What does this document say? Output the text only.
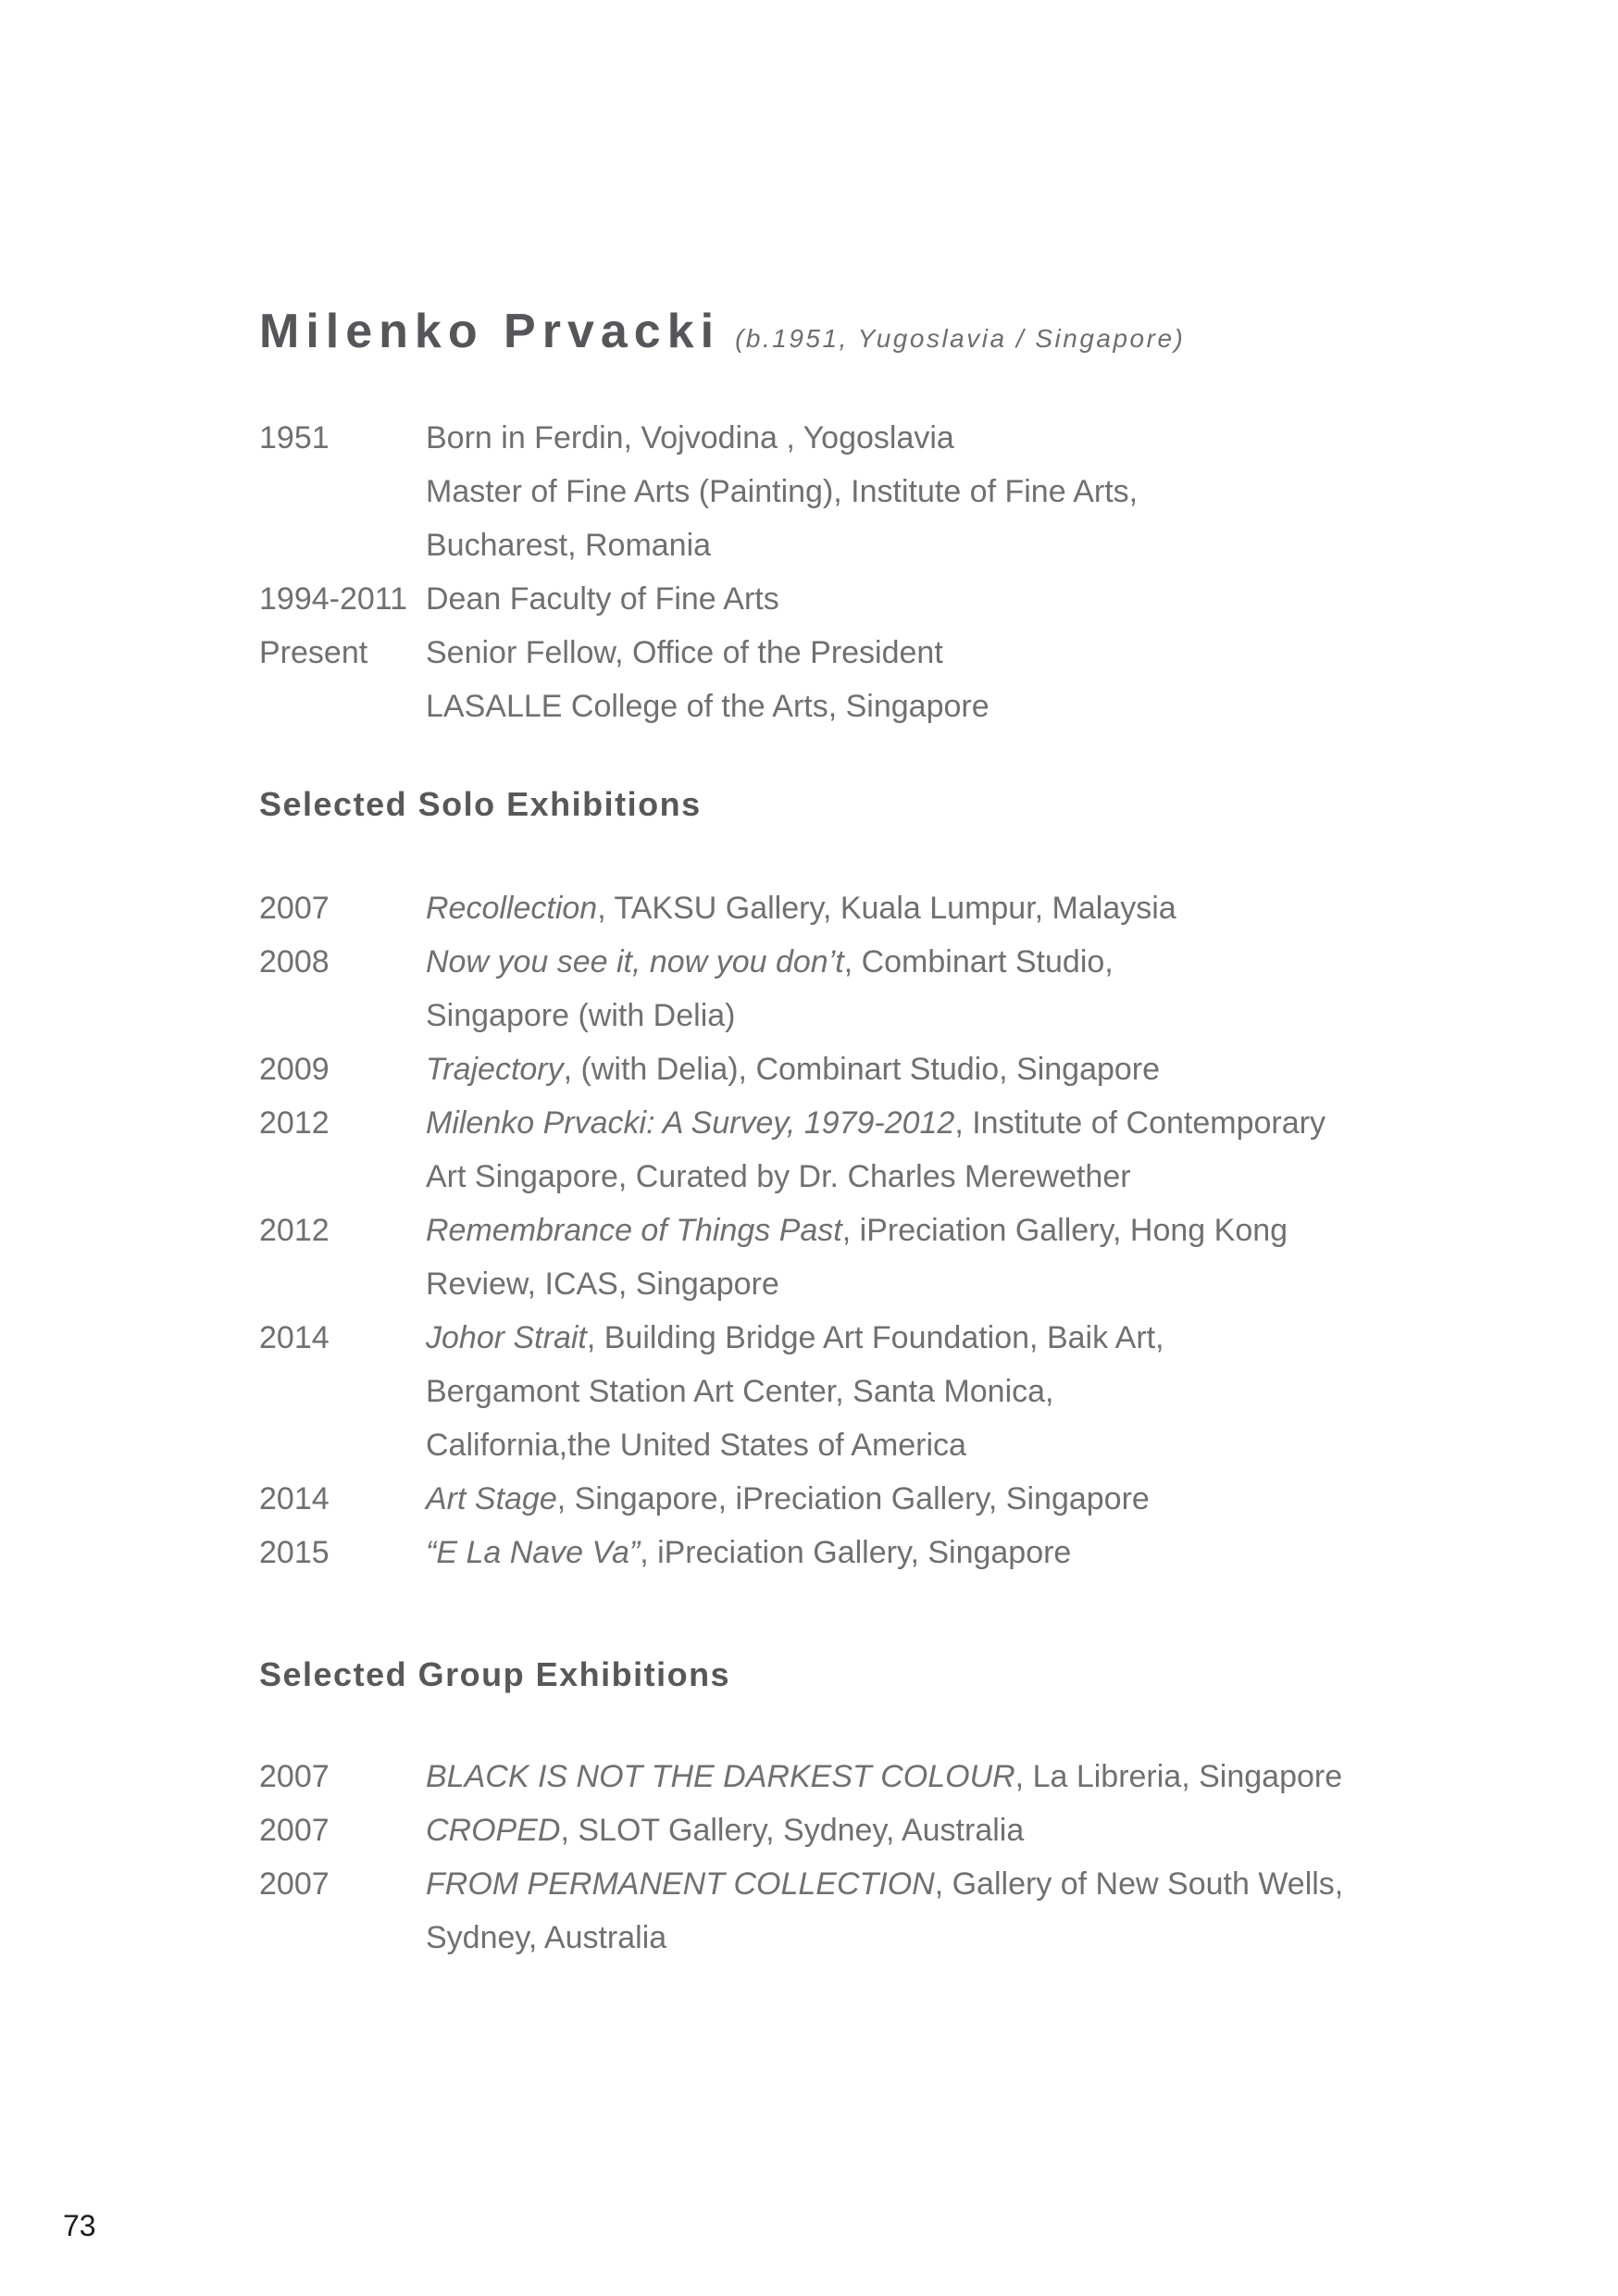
Milenko Prvacki (b.1951, Yugoslavia / Singapore)
1951	Born in Ferdin, Vojvodina , Yogoslavia

Master of Fine Arts (Painting), Institute of Fine Arts,

Bucharest, Romania
1994-2011 Dean Faculty of Fine Arts
Present	Senior Fellow, Office of the President

LASALLE College of the Arts, Singapore
Selected Solo Exhibitions
2007	Recollection, TAKSU Gallery, Kuala Lumpur, Malaysia
2008	Now you see it, now you don’t, Combinart Studio,

Singapore (with Delia)
2009	Trajectory, (with Delia), Combinart Studio, Singapore
2012	Milenko Prvacki: A Survey, 1979-2012, Institute of Contemporary

Art Singapore, Curated by Dr. Charles Merewether
2012	Remembrance of Things Past, iPreciation Gallery, Hong Kong

Review, ICAS, Singapore
2014	Johor Strait, Building Bridge Art Foundation, Baik Art,

Bergamont Station Art Center, Santa Monica,

California,the United States of America
2014	Art Stage, Singapore, iPreciation Gallery, Singapore
2015	“E La Nave Va”, iPreciation Gallery, Singapore
Selected Group Exhibitions
2007	BLACK IS NOT THE DARKEST COLOUR, La Libreria, Singapore
2007	CROPED, SLOT Gallery, Sydney, Australia
2007	FROM PERMANENT COLLECTION, Gallery of New South Wells,

Sydney, Australia
73
